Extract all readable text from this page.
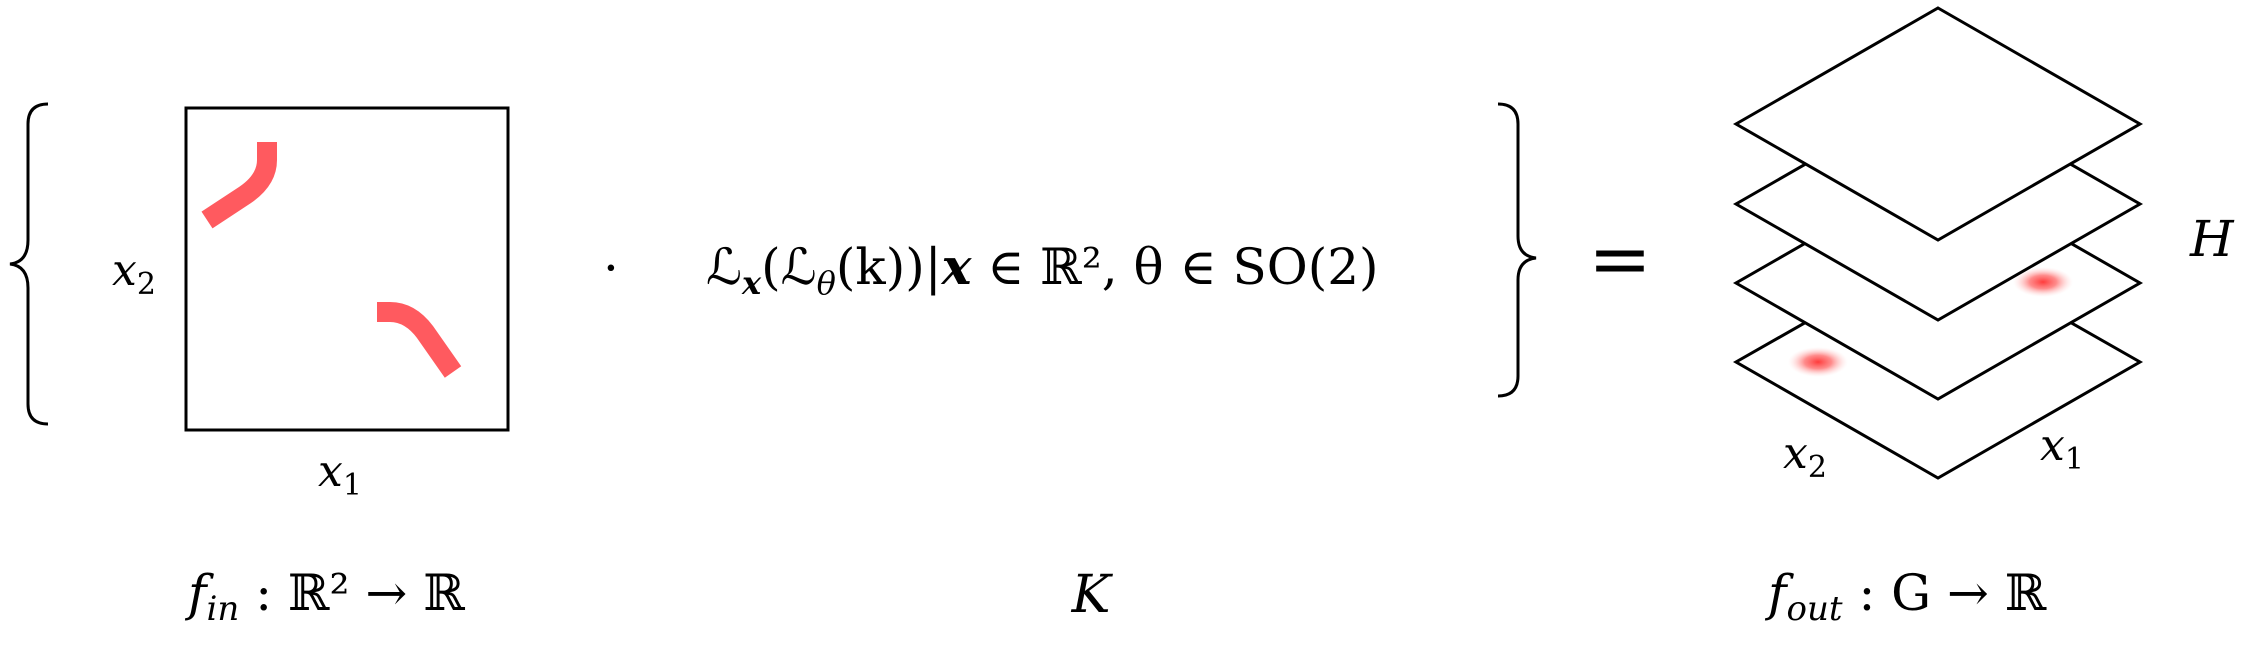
$x_2$
$x_1$
$f_{in}$ : ℝ² → ℝ
· ℒ$_x$(ℒ$_\theta$(k))|x ∈ ℝ², θ ∈ SO(2)
K
=	H
$x_2$	$x_1$
$f_{out}$ : G → ℝ
